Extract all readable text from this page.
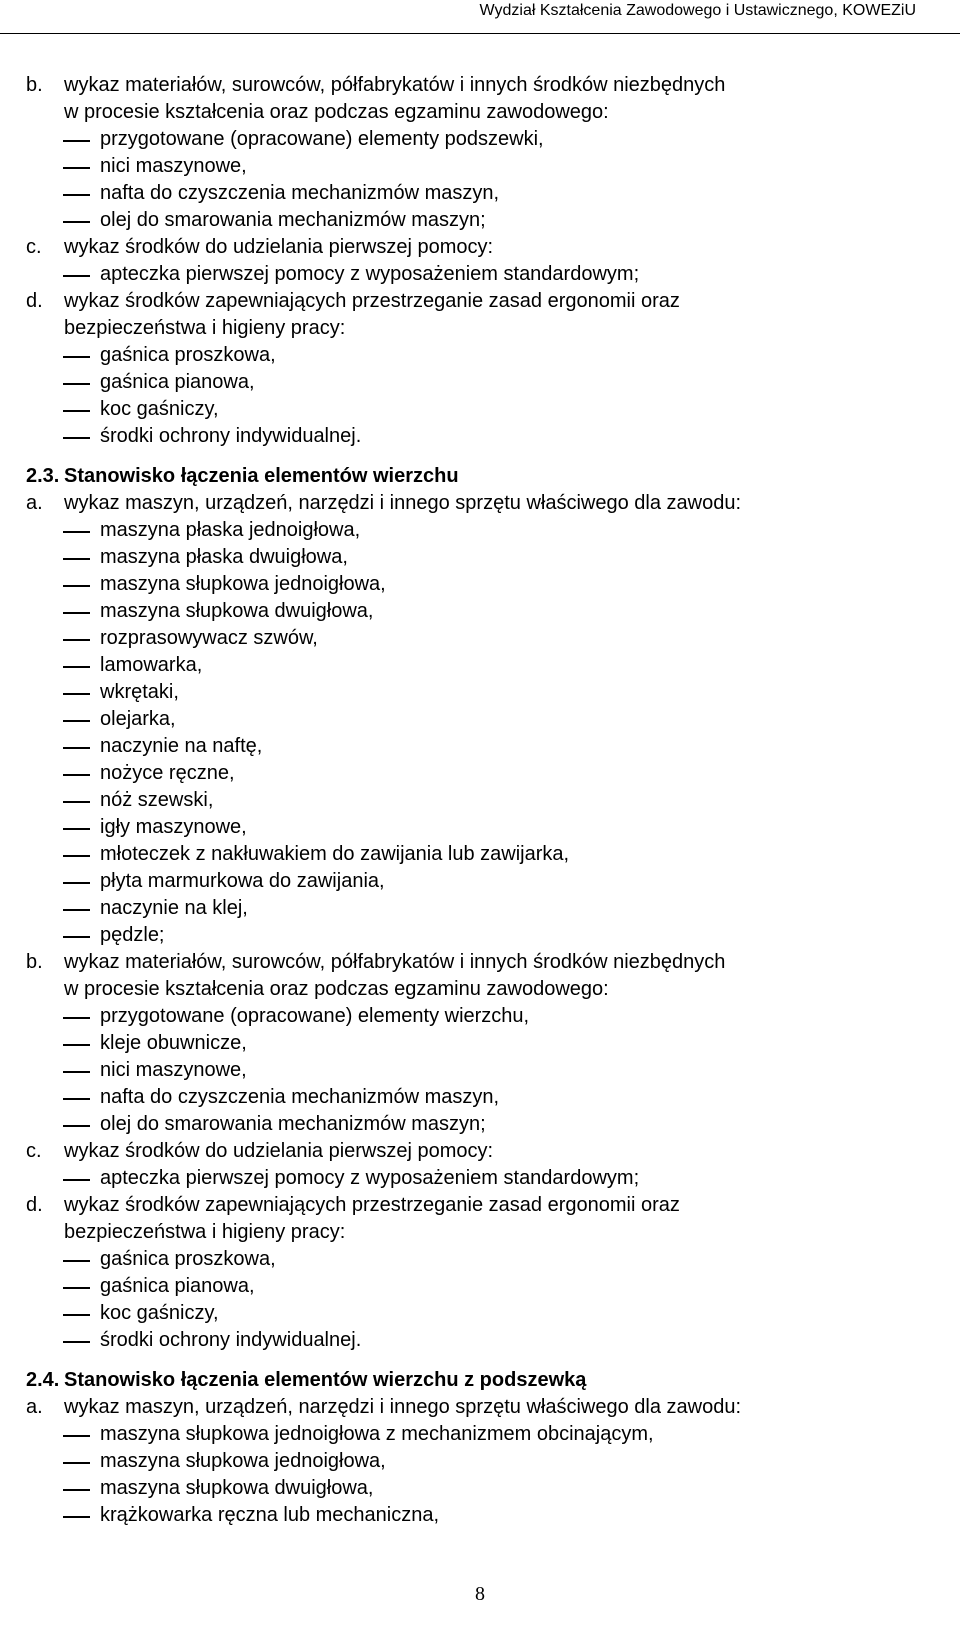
Wydział Kształcenia Zawodowego i Ustawicznego, KOWEZiU
b. wykaz materiałów, surowców, półfabrykatów i innych środków niezbędnych
w procesie kształcenia oraz podczas egzaminu zawodowego:
przygotowane (opracowane) elementy podszewki,
nici maszynowe,
nafta do czyszczenia mechanizmów maszyn,
olej do smarowania mechanizmów maszyn;
c. wykaz środków do udzielania pierwszej pomocy:
apteczka pierwszej pomocy z wyposażeniem standardowym;
d. wykaz środków zapewniających przestrzeganie zasad ergonomii oraz
bezpieczeństwa i higieny pracy:
gaśnica proszkowa,
gaśnica pianowa,
koc gaśniczy,
środki ochrony indywidualnej.
2.3. Stanowisko łączenia elementów wierzchu
a. wykaz maszyn, urządzeń, narzędzi i innego sprzętu właściwego dla zawodu:
maszyna płaska jednoigłowa,
maszyna płaska dwuigłowa,
maszyna słupkowa jednoigłowa,
maszyna słupkowa dwuigłowa,
rozprasowywacz szwów,
lamowarka,
wkrętaki,
olejarka,
naczynie na naftę,
nożyce ręczne,
nóż szewski,
igły maszynowe,
młoteczek z nakłuwakiem do zawijania lub zawijarka,
płyta marmurkowa do zawijania,
naczynie na klej,
pędzle;
b. wykaz materiałów, surowców, półfabrykatów i innych środków niezbędnych
w procesie kształcenia oraz podczas egzaminu zawodowego:
przygotowane (opracowane) elementy wierzchu,
kleje obuwnicze,
nici maszynowe,
nafta do czyszczenia mechanizmów maszyn,
olej do smarowania mechanizmów maszyn;
c. wykaz środków do udzielania pierwszej pomocy:
apteczka pierwszej pomocy z wyposażeniem standardowym;
d. wykaz środków zapewniających przestrzeganie zasad ergonomii oraz
bezpieczeństwa i higieny pracy:
gaśnica proszkowa,
gaśnica pianowa,
koc gaśniczy,
środki ochrony indywidualnej.
2.4. Stanowisko łączenia elementów wierzchu z podszewką
a. wykaz maszyn, urządzeń, narzędzi i innego sprzętu właściwego dla zawodu:
maszyna słupkowa jednoigłowa z mechanizmem obcinającym,
maszyna słupkowa jednoigłowa,
maszyna słupkowa dwuigłowa,
krążkowarka ręczna lub mechaniczna,
8
